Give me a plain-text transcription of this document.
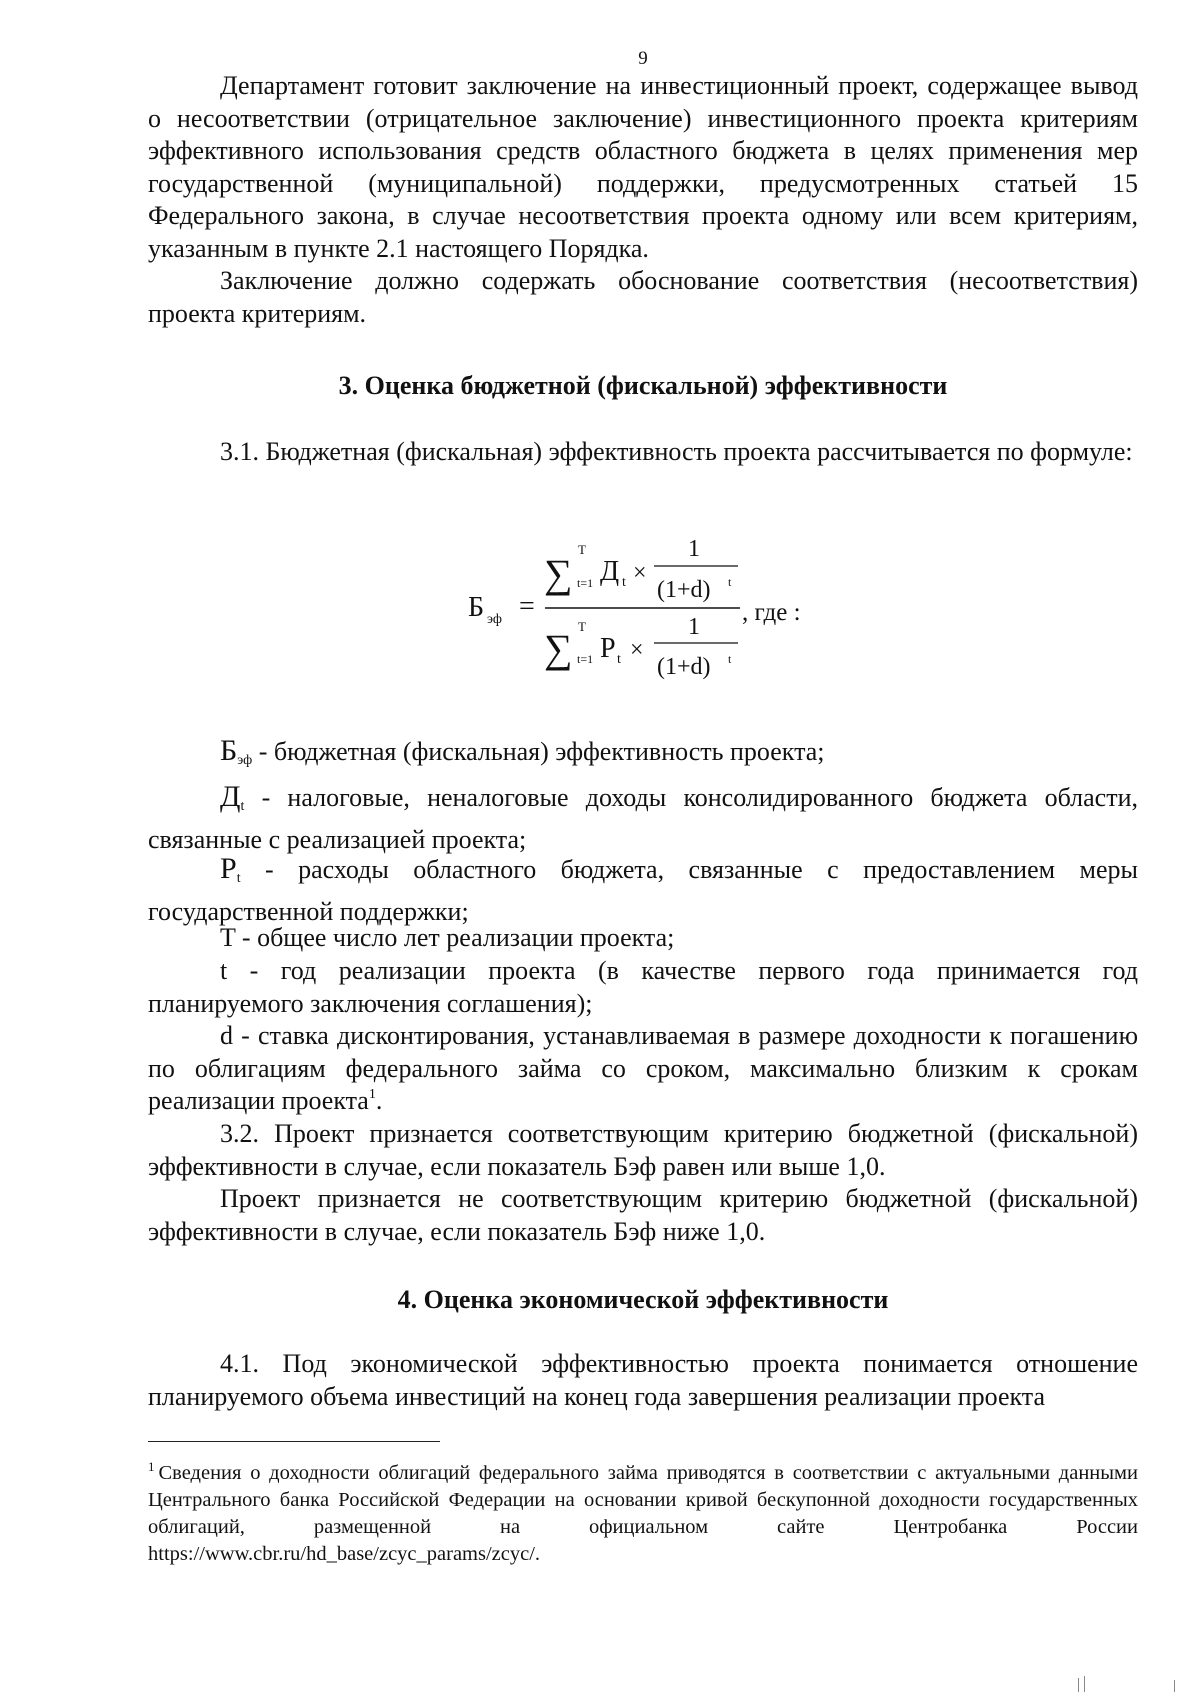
9

Департамент готовит заключение на инвестиционный проект, содержащее вывод о несоответствии (отрицательное заключение) инвестиционного проекта критериям эффективного использования средств областного бюджета в целях применения мер государственной (муниципальной) поддержки, предусмотренных статьей 15 Федерального закона, в случае несоответствия проекта одному или всем критериям, указанным в пункте 2.1 настоящего Порядка.

Заключение должно содержать обоснование соответствия (несоответствия) проекта критериям.

3. Оценка бюджетной (фискальной) эффективности

3.1. Бюджетная (фискальная) эффективность проекта рассчитывается по формуле:

Б эф =
∑
T
t=1 Д t ×
1
(1+d) t
∑ T
t=1 P t ×
1
(1+d) t
, где :

$Б_{эф}$ - бюджетная (фискальная) эффективность проекта;

$Д_t$ - налоговые, неналоговые доходы консолидированного бюджета области, связанные с реализацией проекта;

$P_t$ - расходы областного бюджета, связанные с предоставлением меры государственной поддержки;

T - общее число лет реализации проекта;

t - год реализации проекта (в качестве первого года принимается год планируемого заключения соглашения);

d - ставка дисконтирования, устанавливаемая в размере доходности к погашению по облигациям федерального займа со сроком, максимально близким к срокам реализации проекта$^1$.

3.2. Проект признается соответствующим критерию бюджетной (фискальной) эффективности в случае, если показатель Бэф равен или выше 1,0.

Проект признается не соответствующим критерию бюджетной (фискальной) эффективности в случае, если показатель Бэф ниже 1,0.

4. Оценка экономической эффективности

4.1. Под экономической эффективностью проекта понимается отношение планируемого объема инвестиций на конец года завершения реализации проекта

$^1$ Сведения о доходности облигаций федерального займа приводятся в соответствии с актуальными данными Центрального банка Российской Федерации на основании кривой бескупонной доходности государственных облигаций, размещенной на официальном сайте Центробанка России https://www.cbr.ru/hd_base/zcyc_params/zcyc/.
